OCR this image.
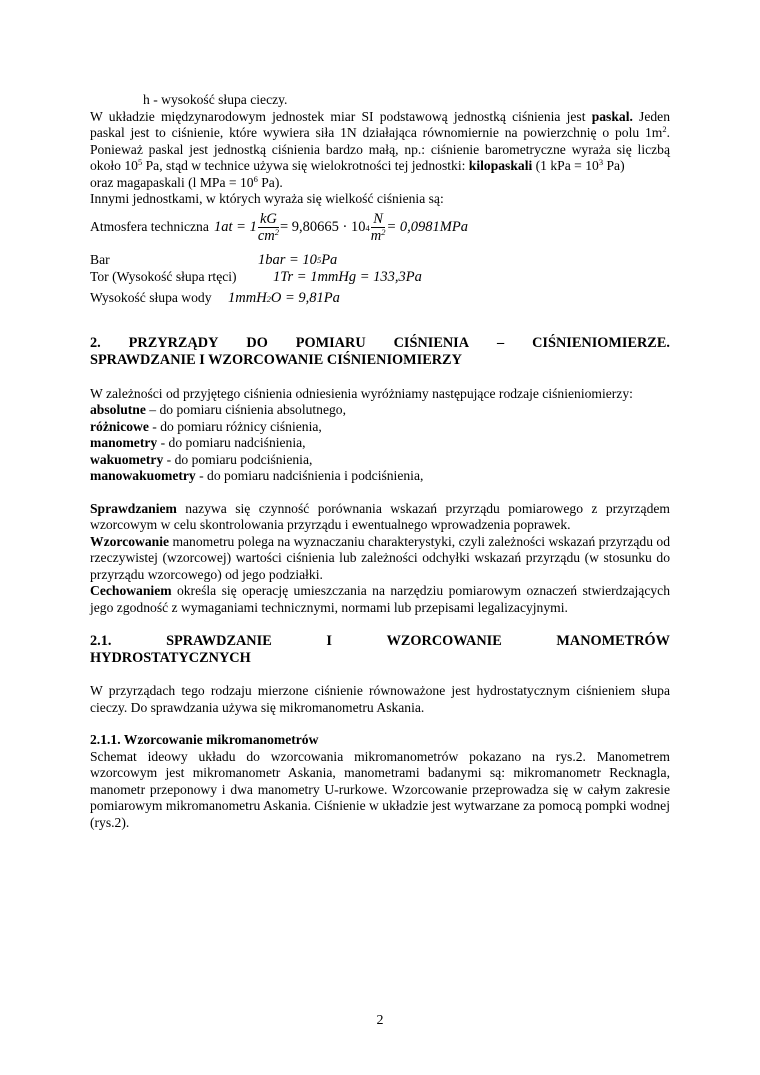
h - wysokość słupa cieczy.

W układzie międzynarodowym jednostek miar SI podstawową jednostką ciśnienia jest paskal. Jeden paskal jest to ciśnienie, które wywiera siła 1N działająca równomiernie na powierzchnię o polu $1m^2$. Ponieważ paskal jest jednostką ciśnienia bardzo małą, np.: ciśnienie barometryczne wyraża się liczbą około $10^5$ Pa, stąd w technice używa się wielokrotności tej jednostki: kilopaskali (1 kPa = $10^3$ Pa)

oraz magapaskali (l MPa = $10^6$ Pa).

Innymi jednostkami, w których wyraża się wielkość ciśnienia są:

Atmosfera techniczna $1at = 1 \frac{kG}{cm^2} = 9,80665 \cdot 10$ $4 \frac{N}{m^2} = 0,0981MPa$
Bar	1bar = 10 5 Pa
Tor (Wysokość słupa rtęci)	1Tr = 1mmHg = 133,3Pa
Wysokość słupa wody	1mmH 2 O = 9,81Pa
2. PRZYRZĄDY DO POMIARU CIŚNIENIA – CIŚNIENIOMIERZE.
SPRAWDZANIE I WZORCOWANIE CIŚNIENIOMIERZY

W zależności od przyjętego ciśnienia odniesienia wyróżniamy następujące rodzaje ciśnieniomierzy:

absolutne – do pomiaru ciśnienia absolutnego,

różnicowe - do pomiaru różnicy ciśnienia,

manometry - do pomiaru nadciśnienia,

wakuometry - do pomiaru podciśnienia,

manowakuometry - do pomiaru nadciśnienia i podciśnienia,

Sprawdzaniem nazywa się czynność porównania wskazań przyrządu pomiarowego z przyrządem wzorcowym w celu skontrolowania przyrządu i ewentualnego wprowadzenia poprawek.

Wzorcowanie manometru polega na wyznaczaniu charakterystyki, czyli zależności wskazań przyrządu od rzeczywistej (wzorcowej) wartości ciśnienia lub zależności odchyłki wskazań przyrządu (w stosunku do przyrządu wzorcowego) od jego podziałki.

Cechowaniem określa się operację umieszczania na narzędziu pomiarowym oznaczeń stwierdzających jego zgodność z wymaganiami technicznymi, normami lub przepisami legalizacyjnymi.

2.1.	SPRAWDZANIE	I	WZORCOWANIE	MANOMETRÓW
HYDROSTATYCZNYCH

W przyrządach tego rodzaju mierzone ciśnienie równoważone jest hydrostatycznym ciśnieniem słupa cieczy. Do sprawdzania używa się mikromanometru Askania.

2.1.1. Wzorcowanie mikromanometrów

Schemat ideowy układu do wzorcowania mikromanometrów pokazano na rys.2. Manometrem wzorcowym jest mikromanometr Askania, manometrami badanymi są: mikromanometr Recknagla, manometr przeponowy i dwa manometry U-rurkowe. Wzorcowanie przeprowadza się w całym zakresie pomiarowym mikromanometru Askania. Ciśnienie w układzie jest wytwarzane za pomocą pompki wodnej (rys.2).

2
